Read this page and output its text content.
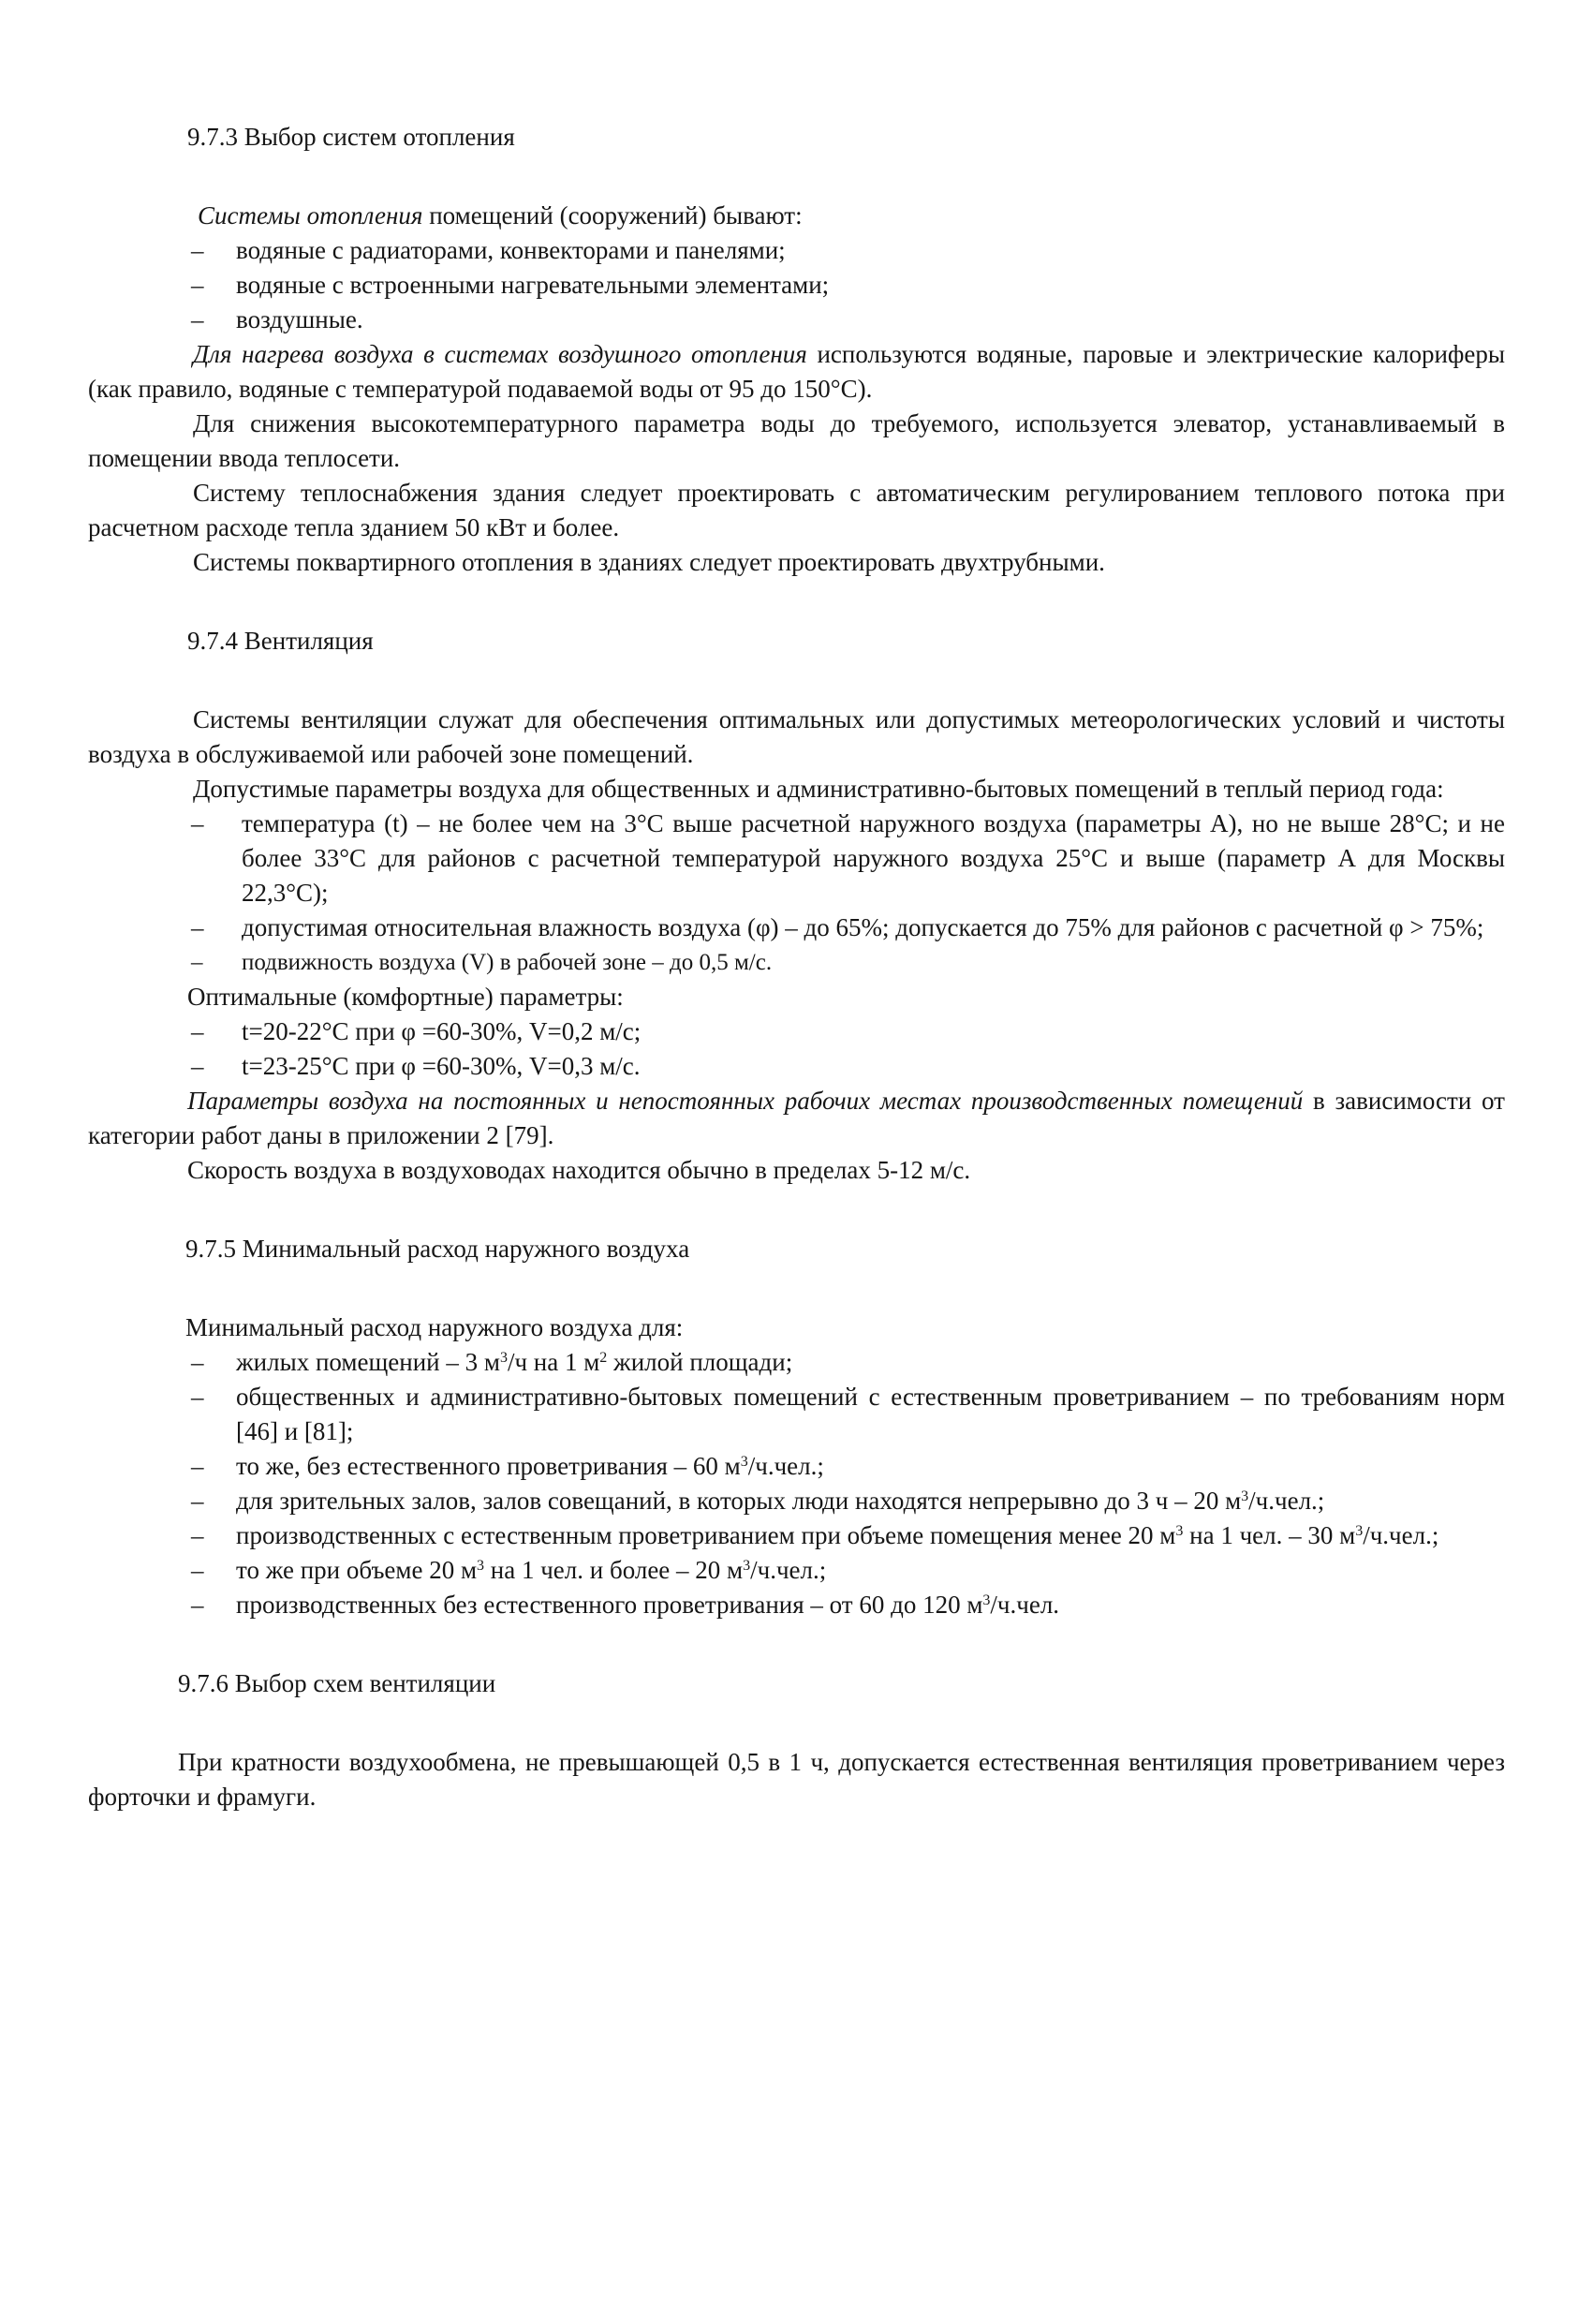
9.7.3 Выбор систем отопления

Системы отопления помещений (сооружений) бывают:

– водяные с радиаторами, конвекторами и панелями;
– водяные с встроенными нагревательными элементами;
– воздушные.

Для нагрева воздуха в системах воздушного отопления используются водяные, паровые и электрические калориферы (как правило, водяные с температурой подаваемой воды от 95 до 150°С).

Для снижения высокотемпературного параметра воды до требуемого, используется элеватор, устанавливаемый в помещении ввода теплосети.

Систему теплоснабжения здания следует проектировать с автоматическим регулированием теплового потока при расчетном расходе тепла зданием 50 кВт и более.

Системы поквартирного отопления в зданиях следует проектировать двухтрубными.

9.7.4 Вентиляция

Системы вентиляции служат для обеспечения оптимальных или допустимых метеорологических условий и чистоты воздуха в обслуживаемой или рабочей зоне помещений.

Допустимые параметры воздуха для общественных и административно-бытовых помещений в теплый период года:

– температура (t) – не более чем на 3°С выше расчетной наружного воздуха (параметры А), но не выше 28°С; и не более 33°С для районов с расчетной температурой наружного воздуха 25°С и выше (параметр А для Москвы 22,3°С);
– допустимая относительная влажность воздуха (φ) – до 65%; допускается до 75% для районов с расчетной φ > 75%;
– подвижность воздуха (V) в рабочей зоне – до 0,5 м/с.

Оптимальные (комфортные) параметры:

– t=20-22°С при φ =60-30%, V=0,2 м/с;
– t=23-25°С при φ =60-30%, V=0,3 м/с.

Параметры воздуха на постоянных и непостоянных рабочих местах производственных помещений в зависимости от категории работ даны в приложении 2 [79].

Скорость воздуха в воздуховодах находится обычно в пределах 5-12 м/с.

9.7.5 Минимальный расход наружного воздуха

Минимальный расход наружного воздуха для:

– жилых помещений – 3 $м^3/ч$ на 1 $м^2$ жилой площади;
– общественных и административно-бытовых помещений с естественным проветриванием – по требованиям норм [46] и [81];
– то же, без естественного проветривания – 60 $м^3/ч.чел$.;
– для зрительных залов, залов совещаний, в которых люди находятся непрерывно до 3 ч – 20 $м^3/ч.чел$.;
– производственных с естественным проветриванием при объеме помещения менее 20 $м^3$ на 1 чел. – 30 $м^3/ч.чел$.;
– то же при объеме 20 $м^3$ на 1 чел. и более – 20 $м^3/ч.чел$.;
– производственных без естественного проветривания – от 60 до 120 $м^3/ч.чел$.

9.7.6 Выбор схем вентиляции

При кратности воздухообмена, не превышающей 0,5 в 1 ч, допускается естественная вентиляция проветриванием через форточки и фрамуги.
